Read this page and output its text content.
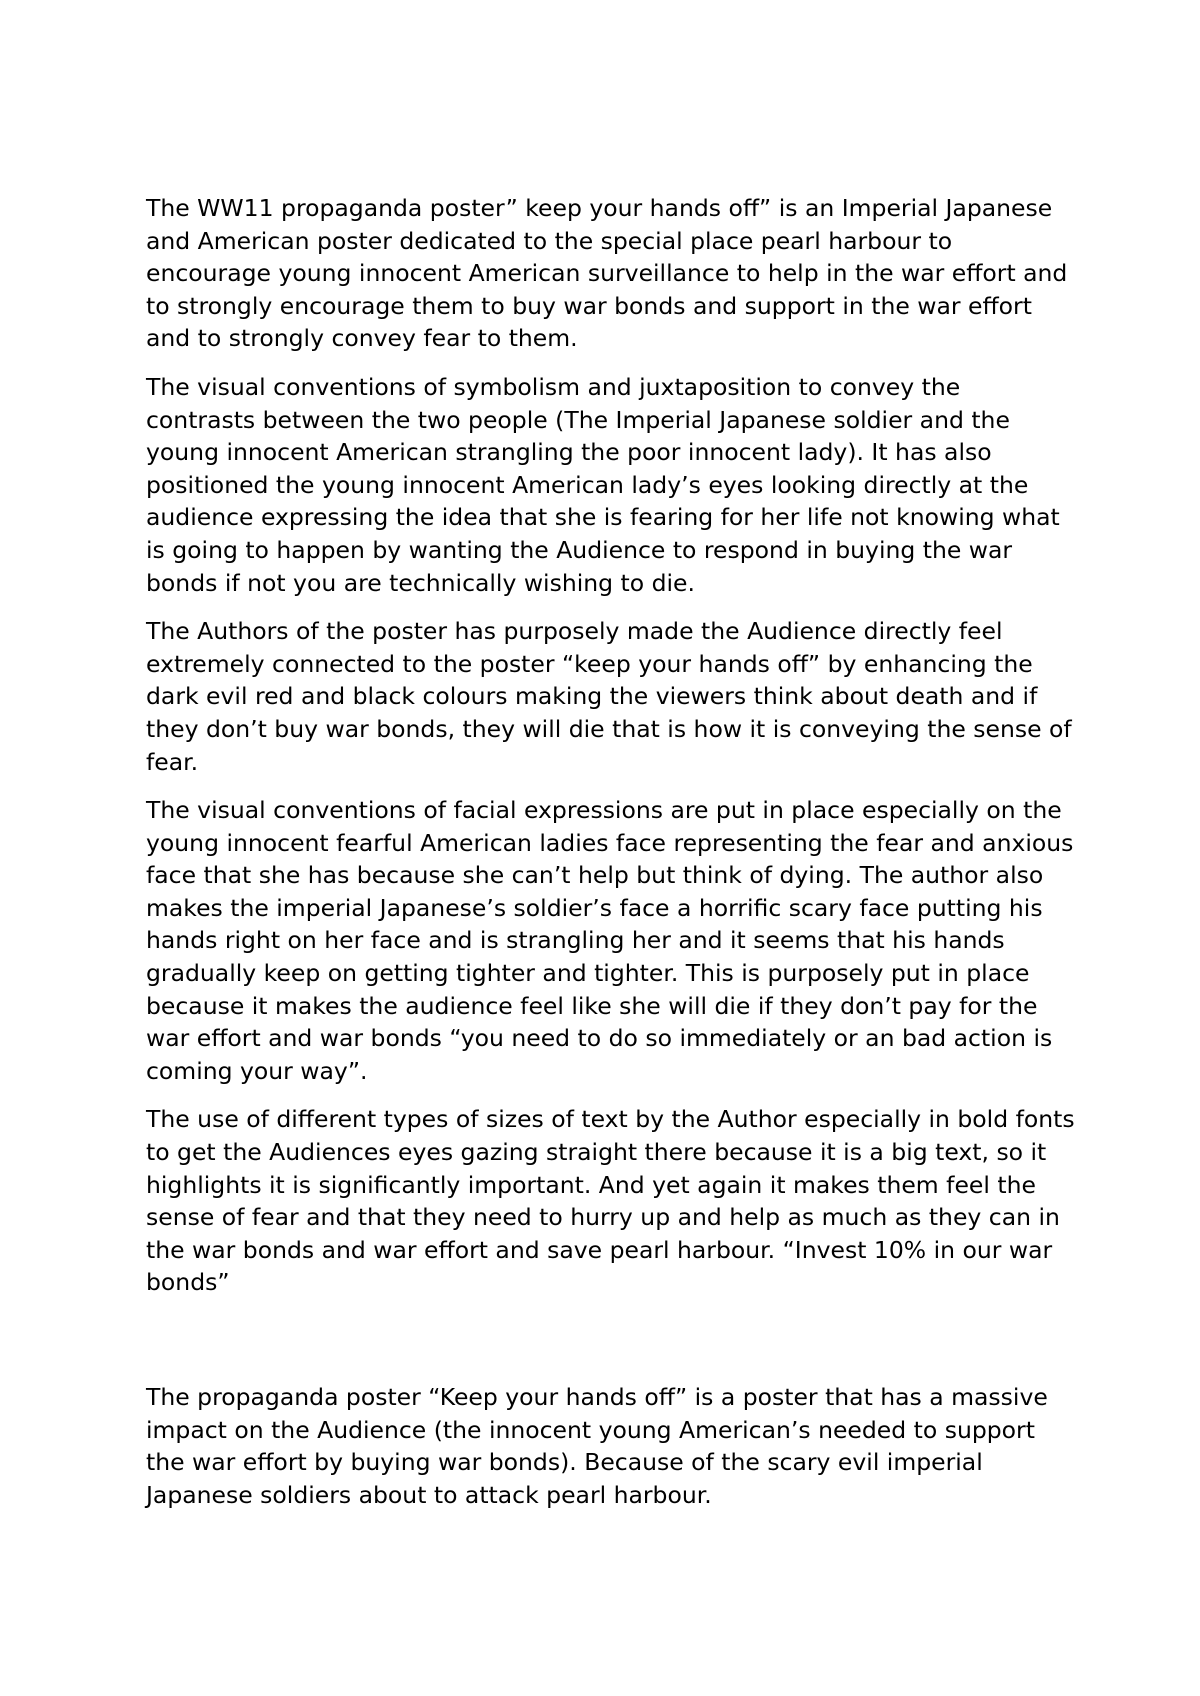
The WW11 propaganda poster” keep your hands off” is an Imperial Japanese and American poster dedicated to the special place pearl harbour to encourage young innocent American surveillance to help in the war effort and to strongly encourage them to buy war bonds and support in the war effort and to strongly convey fear to them.

The visual conventions of symbolism and juxtaposition to convey the contrasts between the two people (The Imperial Japanese soldier and the young innocent American strangling the poor innocent lady). It has also positioned the young innocent American lady’s eyes looking directly at the audience expressing the idea that she is fearing for her life not knowing what is going to happen by wanting the Audience to respond in buying the war bonds if not you are technically wishing to die.

The Authors of the poster has purposely made the Audience directly feel extremely connected to the poster “keep your hands off” by enhancing the dark evil red and black colours making the viewers think about death and if they don’t buy war bonds, they will die that is how it is conveying the sense of fear.

The visual conventions of facial expressions are put in place especially on the young innocent fearful American ladies face representing the fear and anxious face that she has because she can’t help but think of dying. The author also makes the imperial Japanese’s soldier’s face a horrific scary face putting his hands right on her face and is strangling her and it seems that his hands gradually keep on getting tighter and tighter. This is purposely put in place because it makes the audience feel like she will die if they don’t pay for the war effort and war bonds “you need to do so immediately or an bad action is coming your way”.

The use of different types of sizes of text by the Author especially in bold fonts to get the Audiences eyes gazing straight there because it is a big text, so it highlights it is significantly important. And yet again it makes them feel the sense of fear and that they need to hurry up and help as much as they can in the war bonds and war effort and save pearl harbour. “Invest 10% in our war bonds”

The propaganda poster “Keep your hands off” is a poster that has a massive impact on the Audience (the innocent young American’s needed to support the war effort by buying war bonds). Because of the scary evil imperial Japanese soldiers about to attack pearl harbour.
